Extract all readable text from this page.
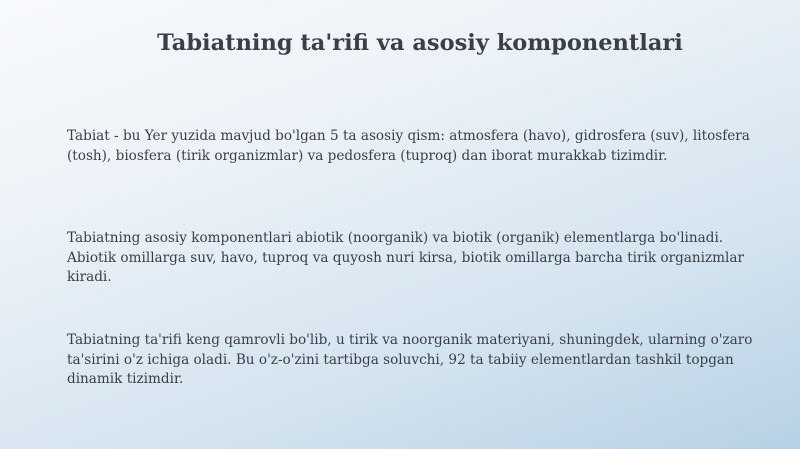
Tabiatning ta'rifi va asosiy komponentlari

Tabiat - bu Yer yuzida mavjud bo'lgan 5 ta asosiy qism: atmosfera (havo), gidrosfera (suv), litosfera (tosh), biosfera (tirik organizmlar) va pedosfera (tuproq) dan iborat murakkab tizimdir.

Tabiatning asosiy komponentlari abiotik (noorganik) va biotik (organik) elementlarga bo'linadi. Abiotik omillarga suv, havo, tuproq va quyosh nuri kirsa, biotik omillarga barcha tirik organizmlar kiradi.

Tabiatning ta'rifi keng qamrovli bo'lib, u tirik va noorganik materiyani, shuningdek, ularning o'zaro ta'sirini o'z ichiga oladi. Bu o'z-o'zini tartibga soluvchi, 92 ta tabiiy elementlardan tashkil topgan dinamik tizimdir.
